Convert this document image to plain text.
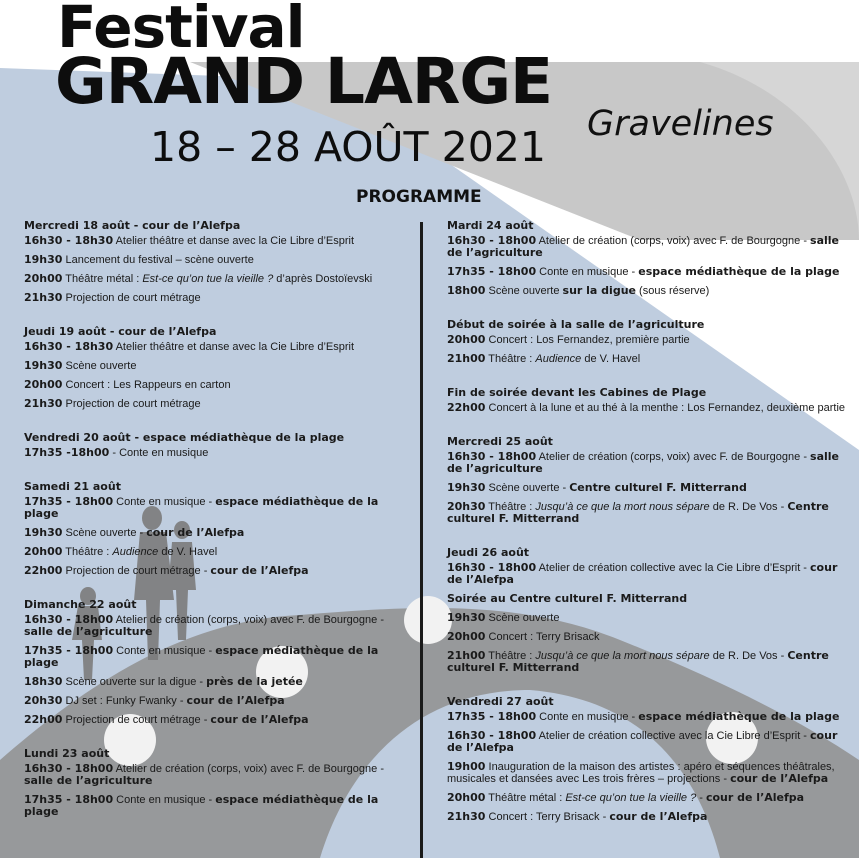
Festival
GRAND LARGE
18 – 28 AOÛT 2021 Gravelines
PROGRAMME
Mercredi 18 août - cour de l’Alefpa
16h30 - 18h30 Atelier théâtre et danse avec la Cie Libre d’Esprit
19h30 Lancement du festival – scène ouverte
20h00 Théâtre métal : Est-ce qu’on tue la vieille ? d’après Dostoïevski
21h30 Projection de court métrage
Jeudi 19 août - cour de l’Alefpa
16h30 - 18h30 Atelier théâtre et danse avec la Cie Libre d’Esprit
19h30 Scène ouverte
20h00 Concert : Les Rappeurs en carton
21h30 Projection de court métrage
Vendredi 20 août - espace médiathèque de la plage
17h35 -18h00 - Conte en musique
Samedi 21 août
17h35 - 18h00 Conte en musique - espace médiathèque de la plage
19h30 Scène ouverte - cour de l’Alefpa
20h00 Théâtre : Audience de V. Havel
22h00 Projection de court métrage - cour de l’Alefpa
Dimanche 22 août
16h30 - 18h00 Atelier de création (corps, voix) avec F. de Bourgogne - salle de l’agriculture
17h35 - 18h00 Conte en musique - espace médiathèque de la plage
18h30 Scène ouverte sur la digue - près de la jetée
20h30 DJ set : Funky Fwanky - cour de l’Alefpa
22h00 Projection de court métrage - cour de l’Alefpa
Lundi 23 août
16h30 - 18h00 Atelier de création (corps, voix) avec F. de Bourgogne - salle de l’agriculture
17h35 - 18h00 Conte en musique - espace médiathèque de la plage
Mardi 24 août
16h30 - 18h00 Atelier de création (corps, voix) avec F. de Bourgogne - salle de l’agriculture
17h35 - 18h00 Conte en musique - espace médiathèque de la plage
18h00 Scène ouverte sur la digue (sous réserve)
Début de soirée à la salle de l’agriculture
20h00 Concert : Los Fernandez, première partie
21h00 Théâtre : Audience de V. Havel
Fin de soirée devant les Cabines de Plage
22h00 Concert à la lune et au thé à la menthe : Los Fernandez, deuxième partie
Mercredi 25 août
16h30 - 18h00 Atelier de création (corps, voix) avec F. de Bourgogne - salle de l’agriculture
19h30 Scène ouverte - Centre culturel F. Mitterrand
20h30 Théâtre : Jusqu’à ce que la mort nous sépare de R. De Vos - Centre culturel F. Mitterrand
Jeudi 26 août
16h30 - 18h00 Atelier de création collective avec la Cie Libre d’Esprit - cour de l’Alefpa
Soirée au Centre culturel F. Mitterrand
19h30 Scène ouverte
20h00 Concert : Terry Brisack
21h00 Théâtre : Jusqu’à ce que la mort nous sépare de R. De Vos - Centre culturel F. Mitterrand
Vendredi 27 août
17h35 - 18h00 Conte en musique - espace médiathèque de la plage
16h30 - 18h00 Atelier de création collective avec la Cie Libre d’Esprit - cour de l’Alefpa
19h00 Inauguration de la maison des artistes : apéro et séquences théâtrales, musicales et dansées avec Les trois frères – projections - cour de l’Alefpa
20h00 Théâtre métal : Est-ce qu’on tue la vieille ? - cour de l’Alefpa
21h30 Concert : Terry Brisack - cour de l’Alefpa
